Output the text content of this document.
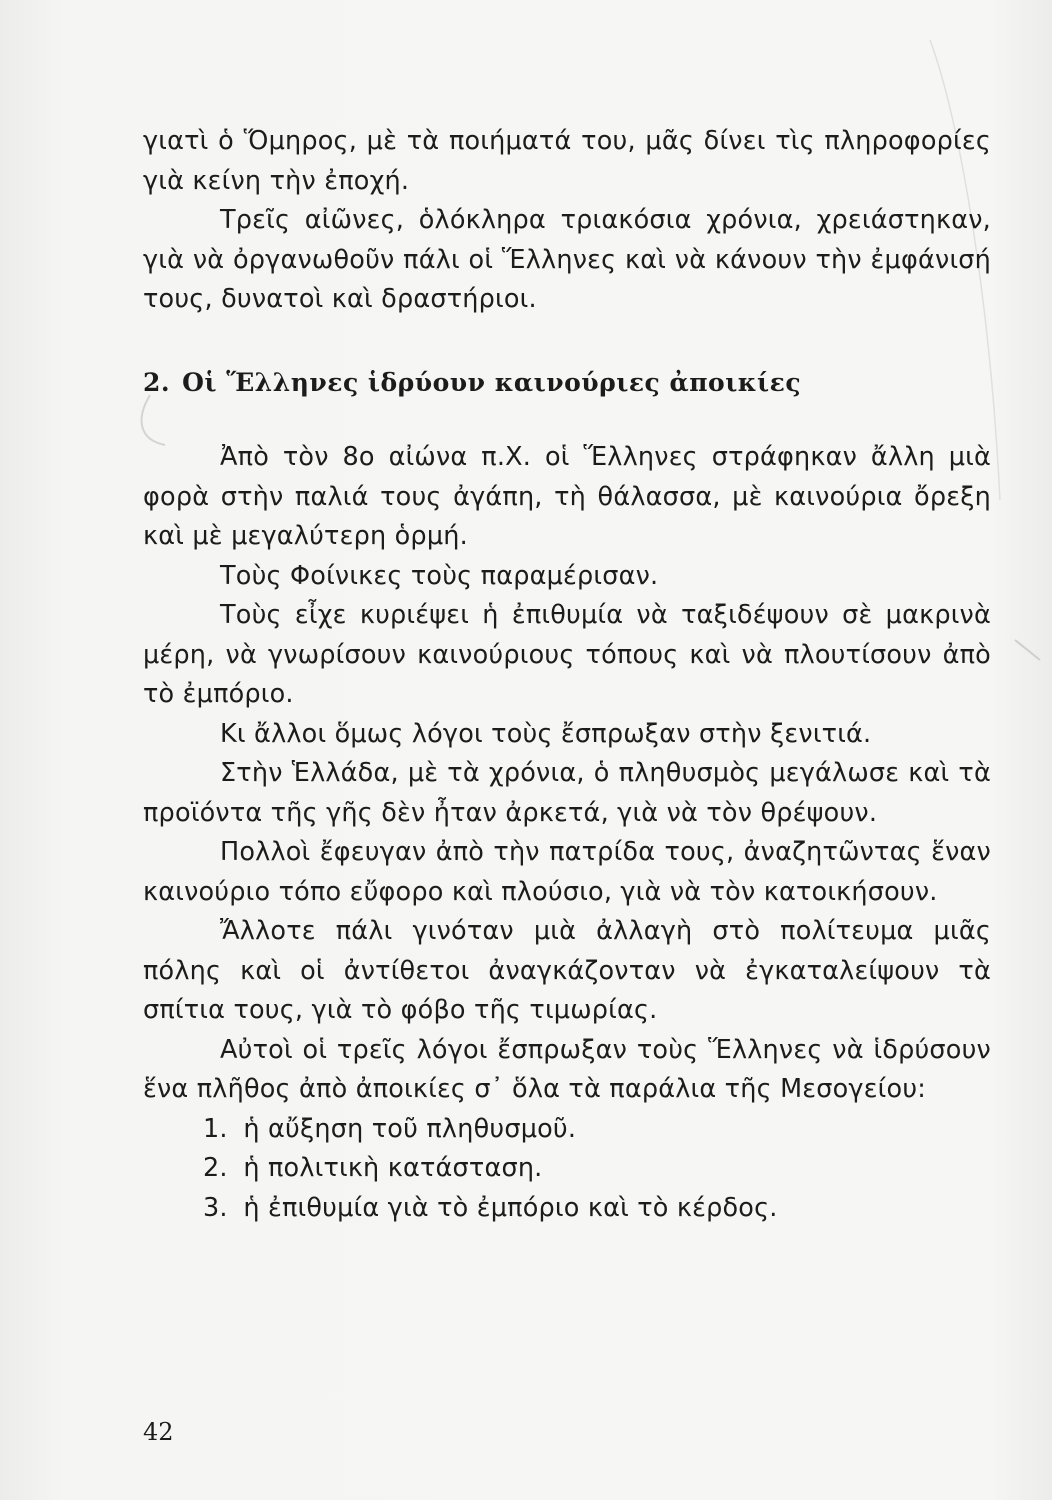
γιατὶ ὁ Ὅμηρος, μὲ τὰ ποιήματά του, μᾶς δίνει τὶς πληροφορίες γιὰ κείνη τὴν ἐποχή.

Τρεῖς αἰῶνες, ὁλόκληρα τριακόσια χρόνια, χρειάστηκαν, γιὰ νὰ ὀργανωθοῦν πάλι οἱ Ἕλληνες καὶ νὰ κάνουν τὴν ἐμφάνισή τους, δυνατοὶ καὶ δραστήριοι.

2. Οἱ Ἕλληνες ἱδρύουν καινούριες ἀποικίες

Ἀπὸ τὸν 8ο αἰώνα π.Χ. οἱ Ἕλληνες στράφηκαν ἄλλη μιὰ φορὰ στὴν παλιά τους ἀγάπη, τὴ θάλασσα, μὲ καινούρια ὄρεξη καὶ μὲ μεγαλύτερη ὁρμή.

Τοὺς Φοίνικες τοὺς παραμέρισαν.

Τοὺς εἶχε κυριέψει ἡ ἐπιθυμία νὰ ταξιδέψουν σὲ μακρινὰ μέρη, νὰ γνωρίσουν καινούριους τόπους καὶ νὰ πλουτίσουν ἀπὸ τὸ ἐμπόριο.

Κι ἄλλοι ὅμως λόγοι τοὺς ἔσπρωξαν στὴν ξενιτιά.

Στὴν Ἑλλάδα, μὲ τὰ χρόνια, ὁ πληθυσμὸς μεγάλωσε καὶ τὰ προϊόντα τῆς γῆς δὲν ἦταν ἀρκετά, γιὰ νὰ τὸν θρέψουν.

Πολλοὶ ἔφευγαν ἀπὸ τὴν πατρίδα τους, ἀναζητῶντας ἕναν καινούριο τόπο εὔφορο καὶ πλούσιο, γιὰ νὰ τὸν κατοικήσουν.

Ἄλλοτε πάλι γινόταν μιὰ ἀλλαγὴ στὸ πολίτευμα μιᾶς πόλης καὶ οἱ ἀντίθετοι ἀναγκάζονταν νὰ ἐγκαταλείψουν τὰ σπίτια τους, γιὰ τὸ φόβο τῆς τιμωρίας.

Αὐτοὶ οἱ τρεῖς λόγοι ἔσπρωξαν τοὺς Ἕλληνες νὰ ἱδρύσουν ἕνα πλῆθος ἀπὸ ἀποικίες σ᾽ ὅλα τὰ παράλια τῆς Μεσογείου:

1. ἡ αὔξηση τοῦ πληθυσμοῦ.
2. ἡ πολιτικὴ κατάσταση.
3. ἡ ἐπιθυμία γιὰ τὸ ἐμπόριο καὶ τὸ κέρδος.
42
